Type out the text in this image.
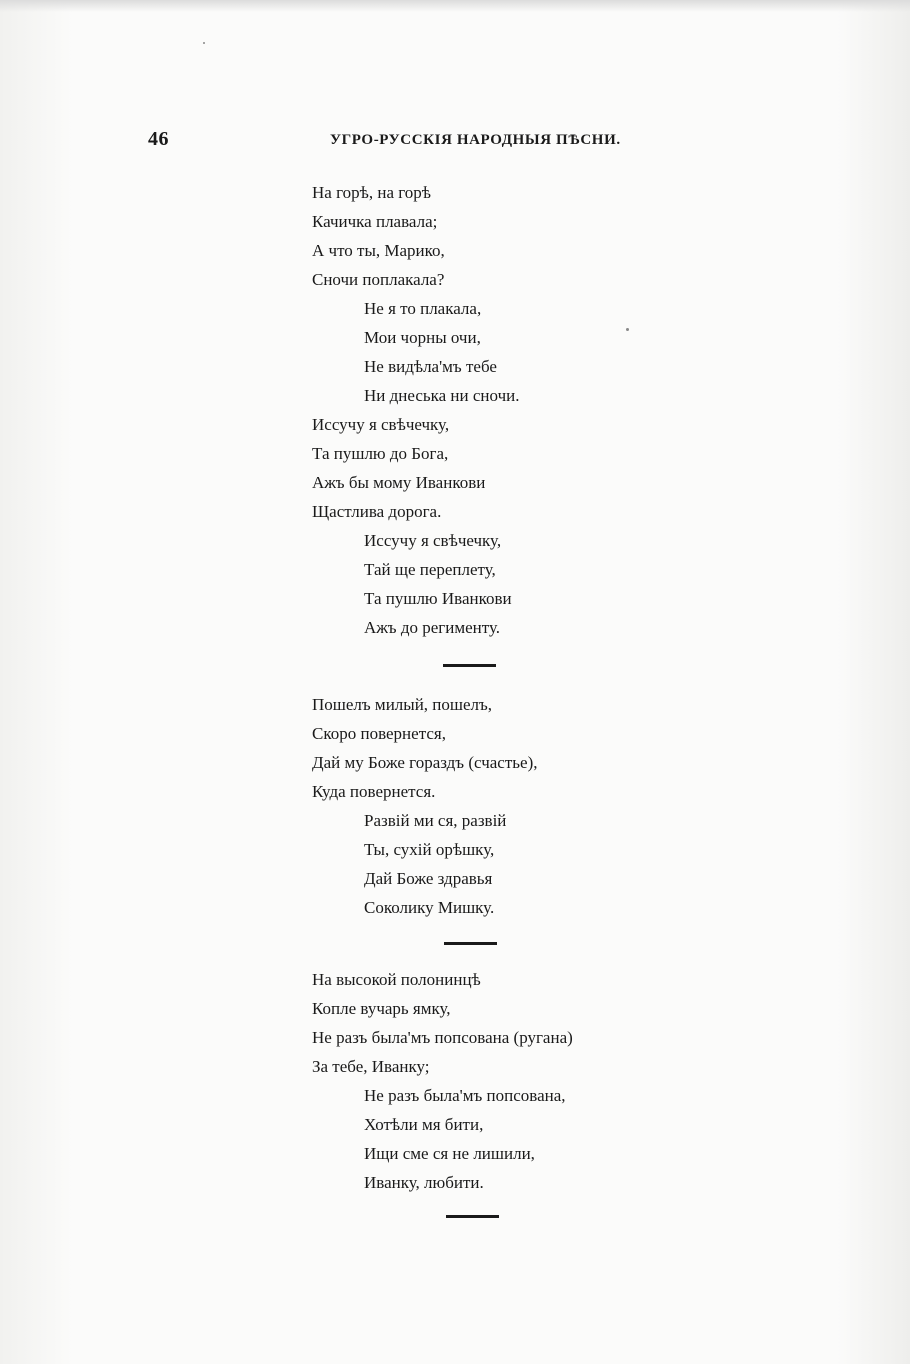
46	УГРО-РУССКІЯ НАРОДНЫЯ ПѢСНИ.
На горѣ, на горѣ
Качичка плавала;
А что ты, Марико,
Сночи поплакала?
Не я то плакала,
Мои чорны очи,
Не видѣла'мъ тебе
Ни днеська ни сночи.
Иссучу я свѣчечку,
Та пушлю до Бога,
Ажъ бы мому Иванкови
Щастлива дорога.
Иссучу я свѣчечку,
Тай ще переплету,
Та пушлю Иванкови
Ажъ до регименту.
Пошелъ милый, пошелъ,
Скоро повернется,
Дай му Боже гораздъ (счастье),
Куда повернется.
Развій ми ся, развій
Ты, сухій орѣшку,
Дай Боже здравья
Соколику Мишку.
На высокой полонинцѣ
Копле вучарь ямку,
Не разъ была'мъ попсована (ругана)
За тебе, Иванку;
Не разъ была'мъ попсована,
Хотѣли мя бити,
Ищи сме ся не лишили,
Иванку, любити.
